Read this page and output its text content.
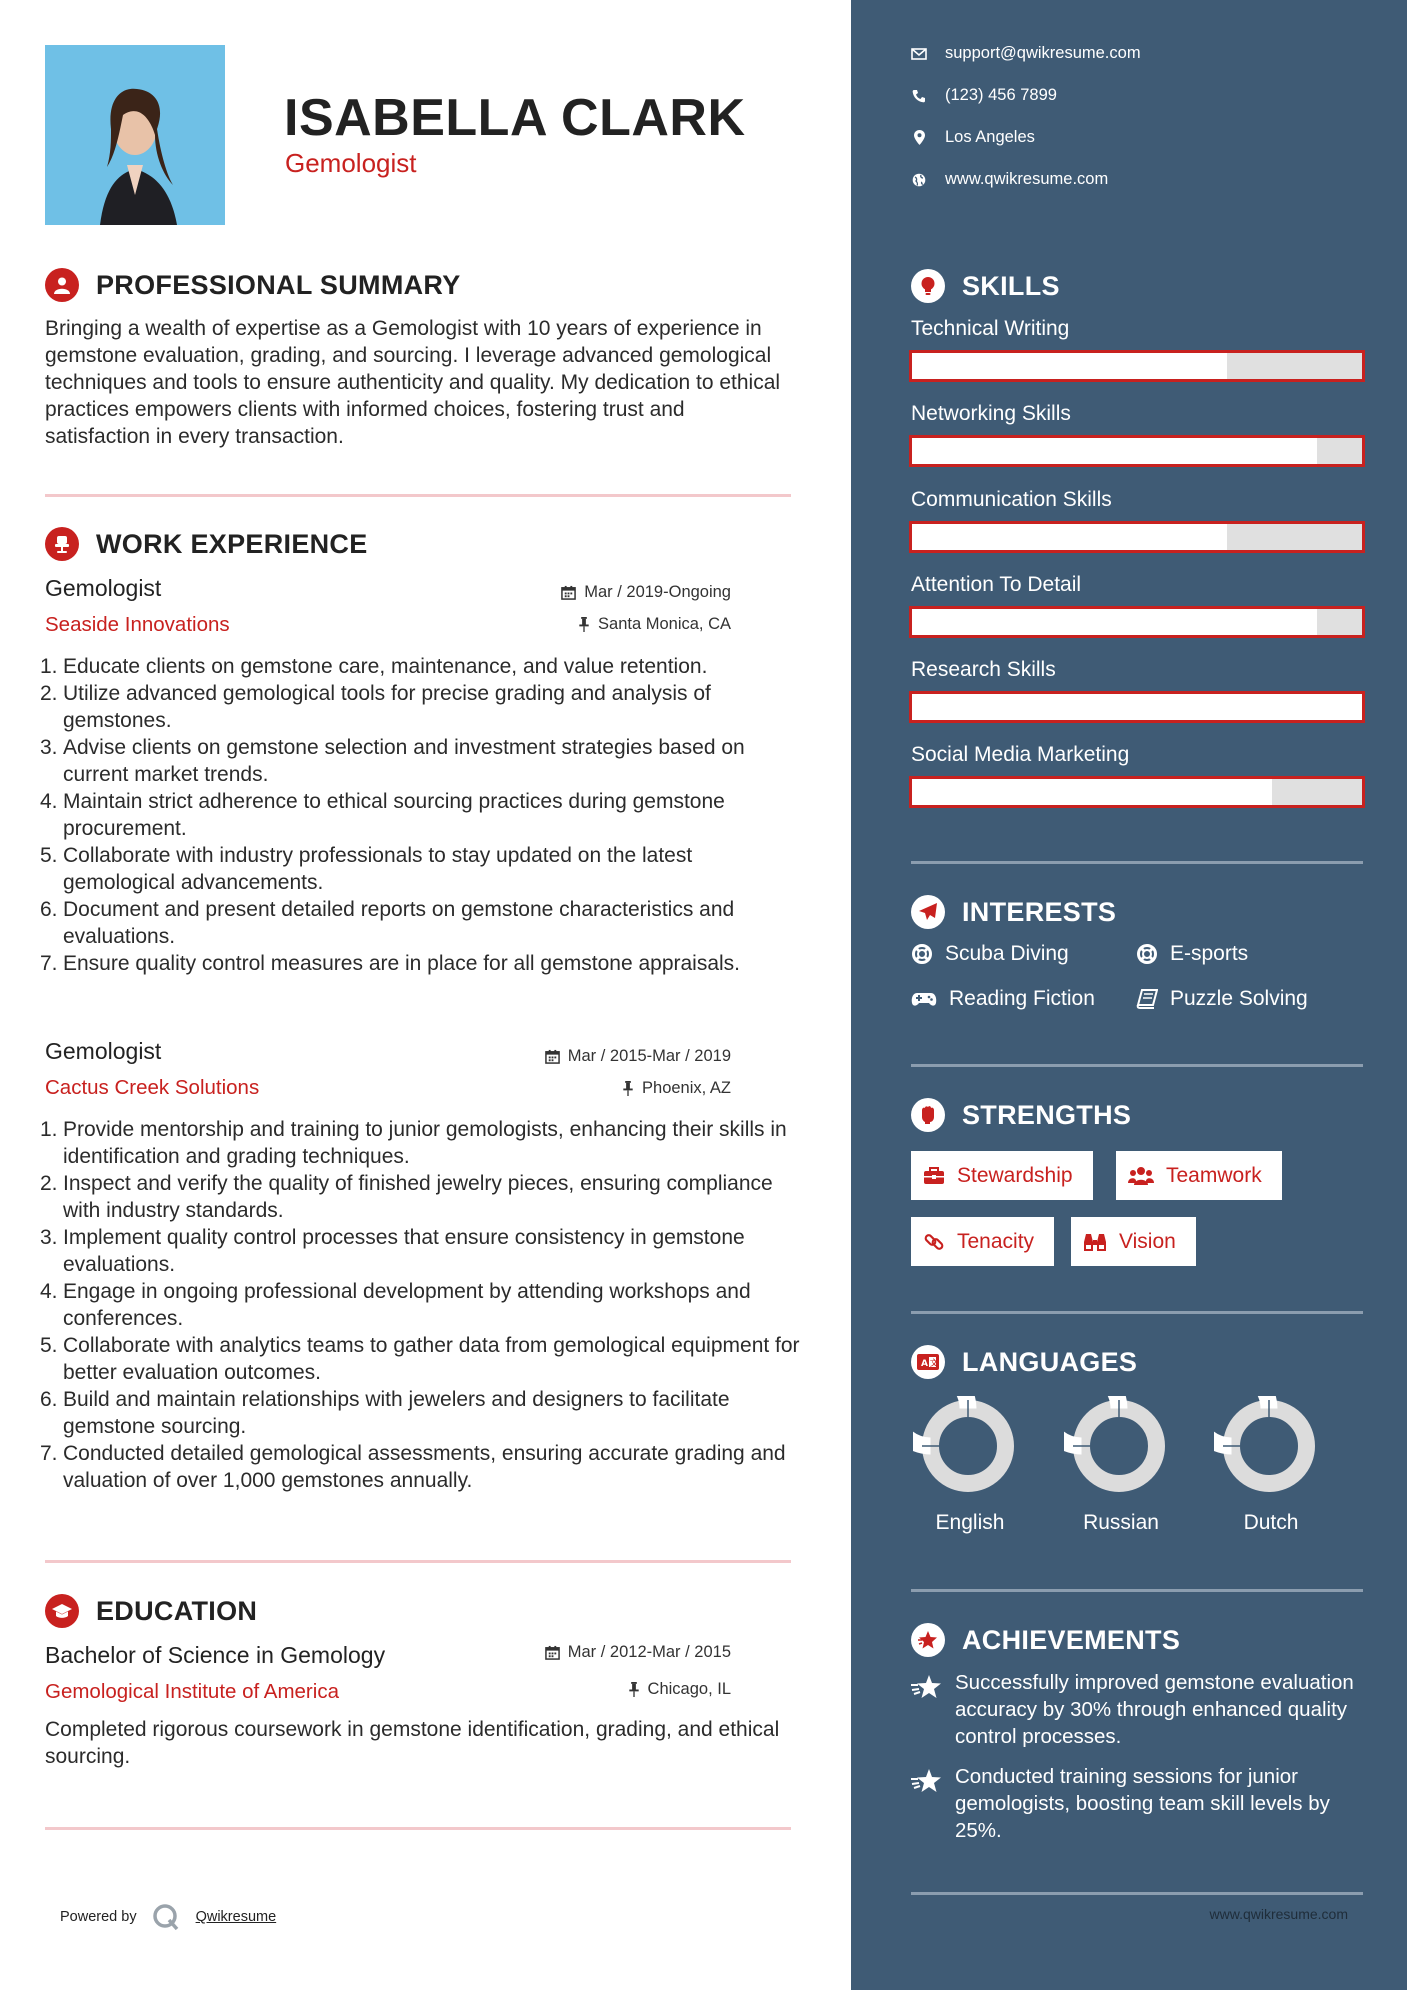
ISABELLA CLARK
Gemologist
PROFESSIONAL SUMMARY
Bringing a wealth of expertise as a Gemologist with 10 years of experience in gemstone evaluation, grading, and sourcing. I leverage advanced gemological techniques and tools to ensure authenticity and quality. My dedication to ethical practices empowers clients with informed choices, fostering trust and satisfaction in every transaction.
WORK EXPERIENCE
Gemologist
Seaside Innovations
Mar / 2019-Ongoing
Santa Monica, CA
1. Educate clients on gemstone care, maintenance, and value retention.
2. Utilize advanced gemological tools for precise grading and analysis of gemstones.
3. Advise clients on gemstone selection and investment strategies based on current market trends.
4. Maintain strict adherence to ethical sourcing practices during gemstone procurement.
5. Collaborate with industry professionals to stay updated on the latest gemological advancements.
6. Document and present detailed reports on gemstone characteristics and evaluations.
7. Ensure quality control measures are in place for all gemstone appraisals.
Gemologist
Cactus Creek Solutions
Mar / 2015-Mar / 2019
Phoenix, AZ
1. Provide mentorship and training to junior gemologists, enhancing their skills in identification and grading techniques.
2. Inspect and verify the quality of finished jewelry pieces, ensuring compliance with industry standards.
3. Implement quality control processes that ensure consistency in gemstone evaluations.
4. Engage in ongoing professional development by attending workshops and conferences.
5. Collaborate with analytics teams to gather data from gemological equipment for better evaluation outcomes.
6. Build and maintain relationships with jewelers and designers to facilitate gemstone sourcing.
7. Conducted detailed gemological assessments, ensuring accurate grading and valuation of over 1,000 gemstones annually.
EDUCATION
Bachelor of Science in Gemology
Gemological Institute of America
Mar / 2012-Mar / 2015
Chicago, IL
Completed rigorous coursework in gemstone identification, grading, and ethical sourcing.
Powered by	Qwikresume
support@qwikresume.com
(123) 456 7899
Los Angeles
www.qwikresume.com
SKILLS
Technical Writing
Networking Skills
Communication Skills
Attention To Detail
Research Skills
Social Media Marketing
INTERESTS
Scuba Diving	E-sports
Reading Fiction	Puzzle Solving
STRENGTHS
Stewardship	Teamwork
Tenacity	Vision
A 文 LANGUAGES
English	Russian	Dutch
ACHIEVEMENTS
Successfully improved gemstone evaluation accuracy by 30% through enhanced quality control processes.
Conducted training sessions for junior gemologists, boosting team skill levels by 25%.
www.qwikresume.com
